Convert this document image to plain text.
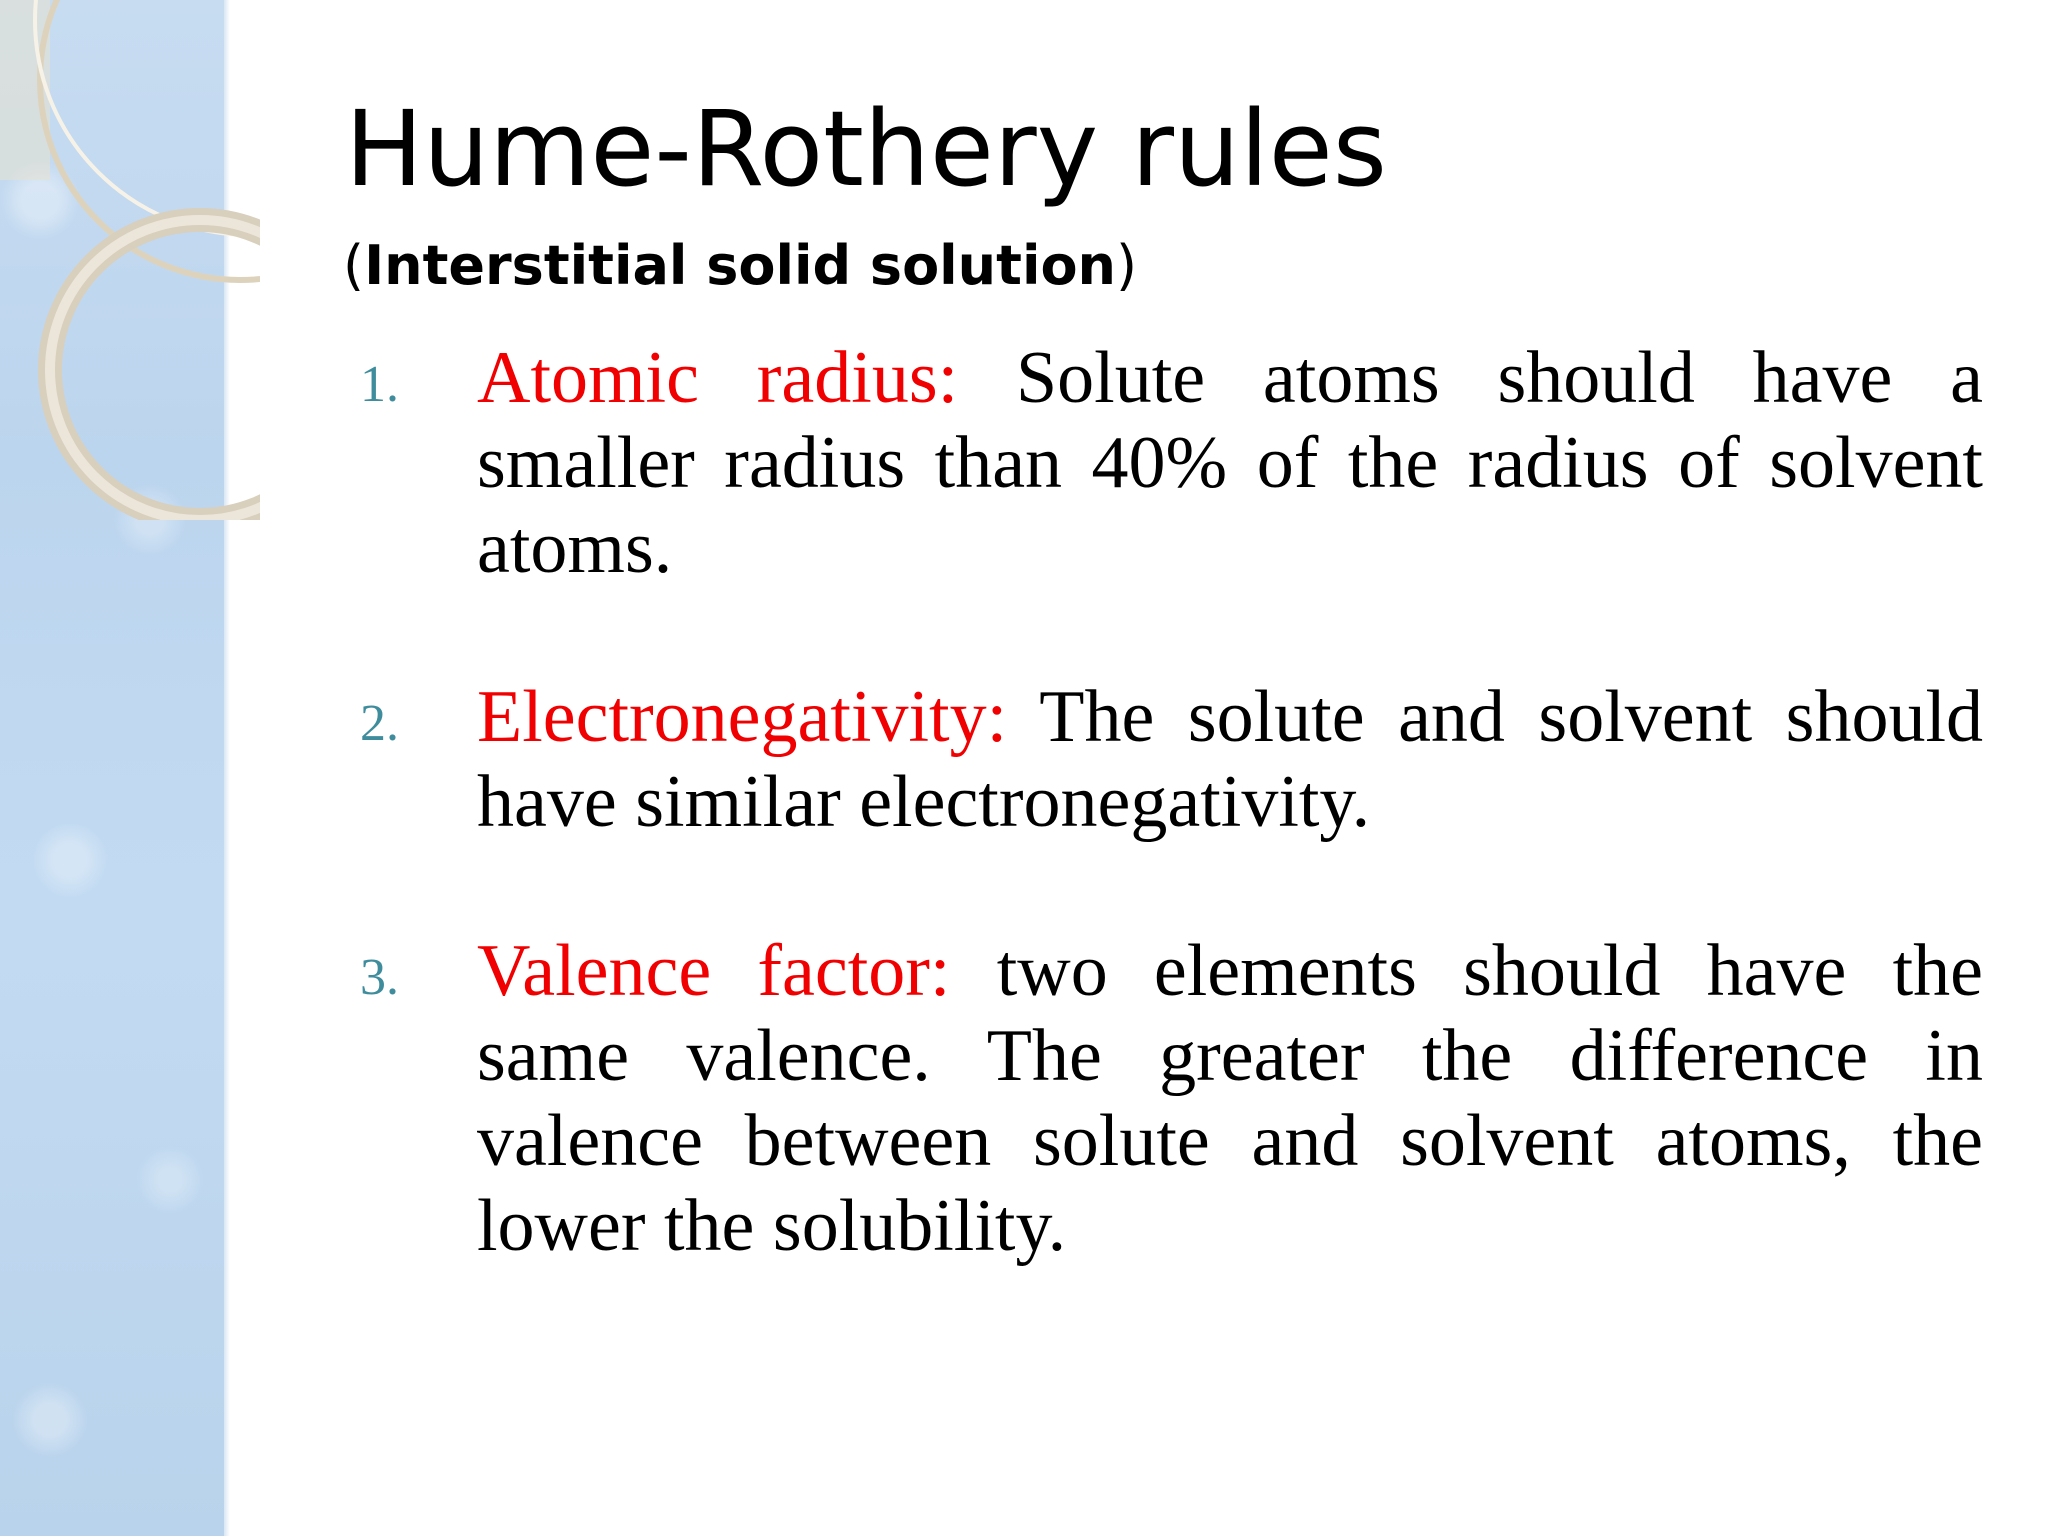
Hume-Rothery rules
(Interstitial solid solution)
1. Atomic radius: Solute atoms should have a smaller radius than 40% of the radius of solvent atoms.
2. Electronegativity: The solute and solvent should have similar electronegativity.
3. Valence factor: two elements should have the same valence. The greater the difference in valence between solute and solvent atoms, the lower the solubility.
